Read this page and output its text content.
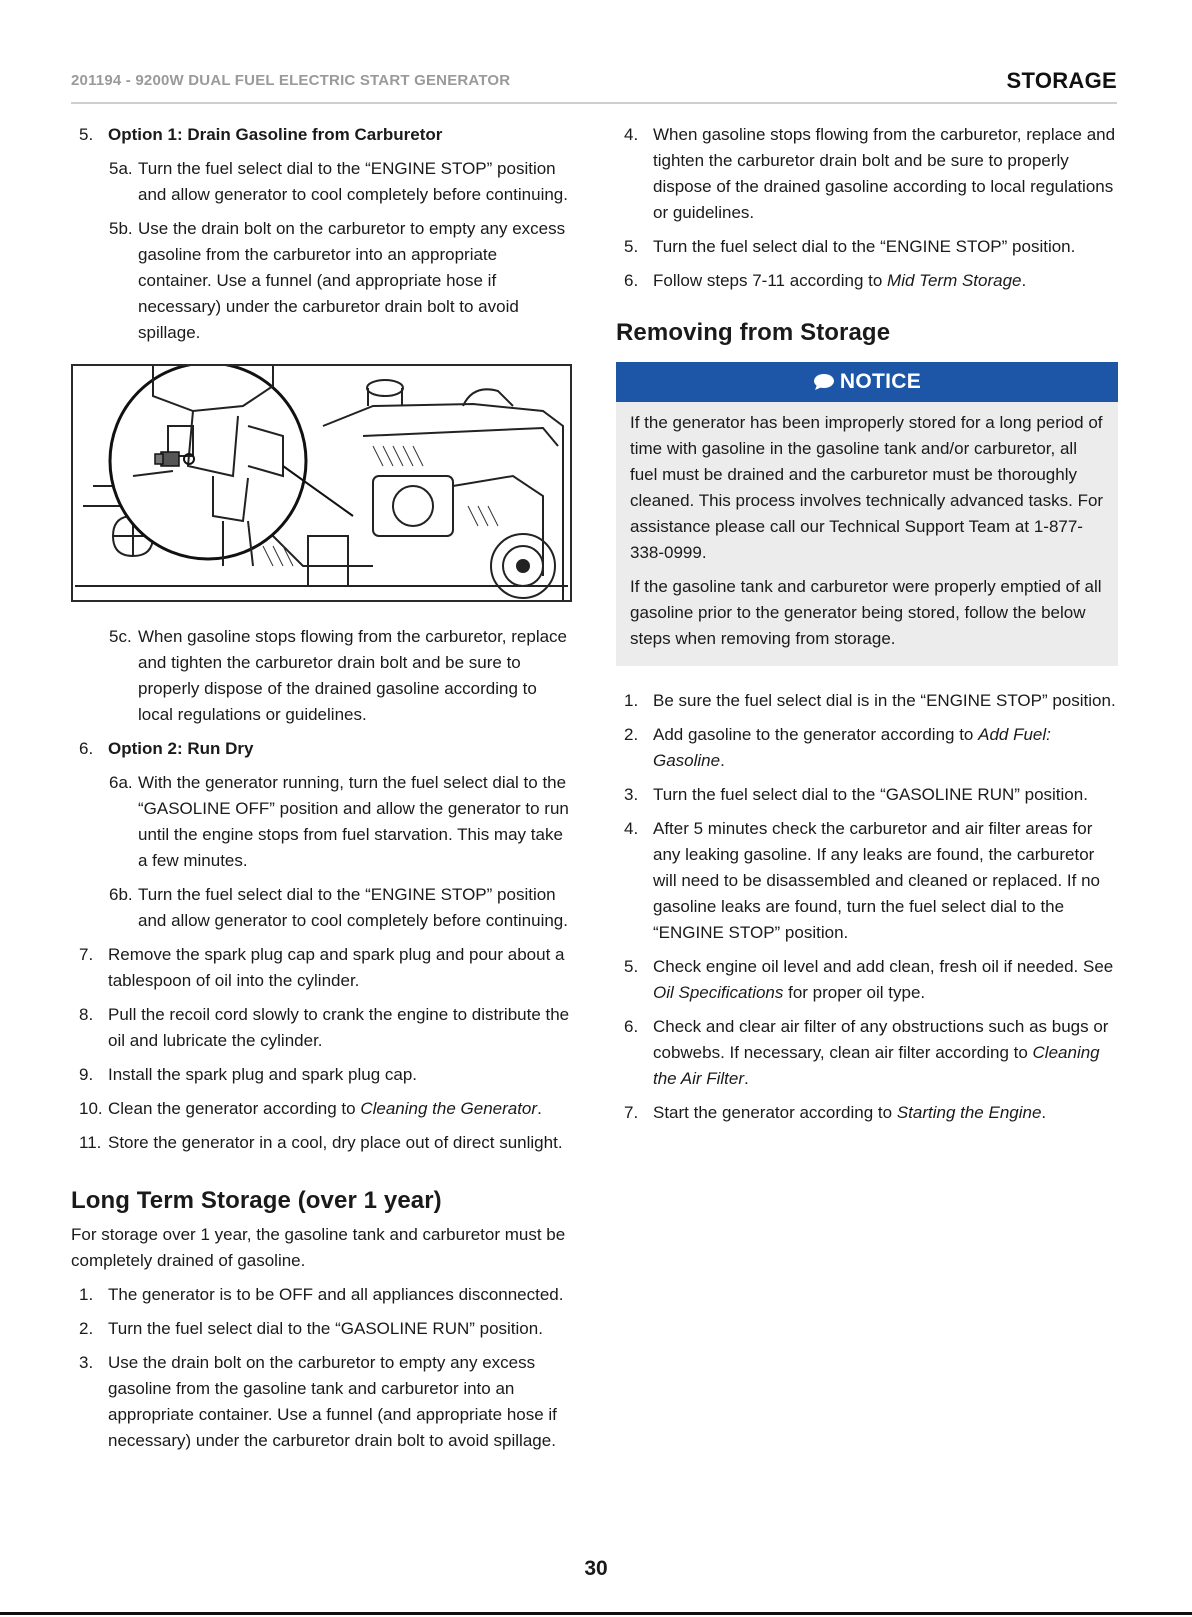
201194 - 9200W DUAL FUEL ELECTRIC START GENERATOR	STORAGE
5. Option 1: Drain Gasoline from Carburetor
5a. Turn the fuel select dial to the “ENGINE STOP” position and allow generator to cool completely before continuing.
5b. Use the drain bolt on the carburetor to empty any excess gasoline from the carburetor into an appropriate container. Use a funnel (and appropriate hose if necessary) under the carburetor drain bolt to avoid spillage.
5c. When gasoline stops flowing from the carburetor, replace and tighten the carburetor drain bolt and be sure to properly dispose of the drained gasoline according to local regulations or guidelines.
6. Option 2: Run Dry
6a. With the generator running, turn the fuel select dial to the “GASOLINE OFF” position and allow the generator to run until the engine stops from fuel starvation. This may take a few minutes.
6b. Turn the fuel select dial to the “ENGINE STOP” position and allow generator to cool completely before continuing.
7. Remove the spark plug cap and spark plug and pour about a tablespoon of oil into the cylinder.
8. Pull the recoil cord slowly to crank the engine to distribute the oil and lubricate the cylinder.
9. Install the spark plug and spark plug cap.
10. Clean the generator according to Cleaning the Generator.
11. Store the generator in a cool, dry place out of direct sunlight.
Long Term Storage (over 1 year)

For storage over 1 year, the gasoline tank and carburetor must be completely drained of gasoline.

1. The generator is to be OFF and all appliances disconnected.
2. Turn the fuel select dial to the “GASOLINE RUN” position.
3. Use the drain bolt on the carburetor to empty any excess gasoline from the gasoline tank and carburetor into an appropriate container. Use a funnel (and appropriate hose if necessary) under the carburetor drain bolt to avoid spillage.
4. When gasoline stops flowing from the carburetor, replace and tighten the carburetor drain bolt and be sure to properly dispose of the drained gasoline according to local regulations or guidelines.
5. Turn the fuel select dial to the “ENGINE STOP” position.
6. Follow steps 7-11 according to Mid Term Storage.
Removing from Storage
NOTICE

If the generator has been improperly stored for a long period of time with gasoline in the gasoline tank and/or carburetor, all fuel must be drained and the carburetor must be thoroughly cleaned. This process involves technically advanced tasks. For assistance please call our Technical Support Team at 1-877-338-0999.

If the gasoline tank and carburetor were properly emptied of all gasoline prior to the generator being stored, follow the below steps when removing from storage.

1. Be sure the fuel select dial is in the “ENGINE STOP” position.
2. Add gasoline to the generator according to Add Fuel: Gasoline.
3. Turn the fuel select dial to the “GASOLINE RUN” position.
4. After 5 minutes check the carburetor and air filter areas for any leaking gasoline. If any leaks are found, the carburetor will need to be disassembled and cleaned or replaced. If no gasoline leaks are found, turn the fuel select dial to the “ENGINE STOP” position.
5. Check engine oil level and add clean, fresh oil if needed. See Oil Specifications for proper oil type.
6. Check and clear air filter of any obstructions such as bugs or cobwebs. If necessary, clean air filter according to Cleaning the Air Filter.
7. Start the generator according to Starting the Engine.
30
